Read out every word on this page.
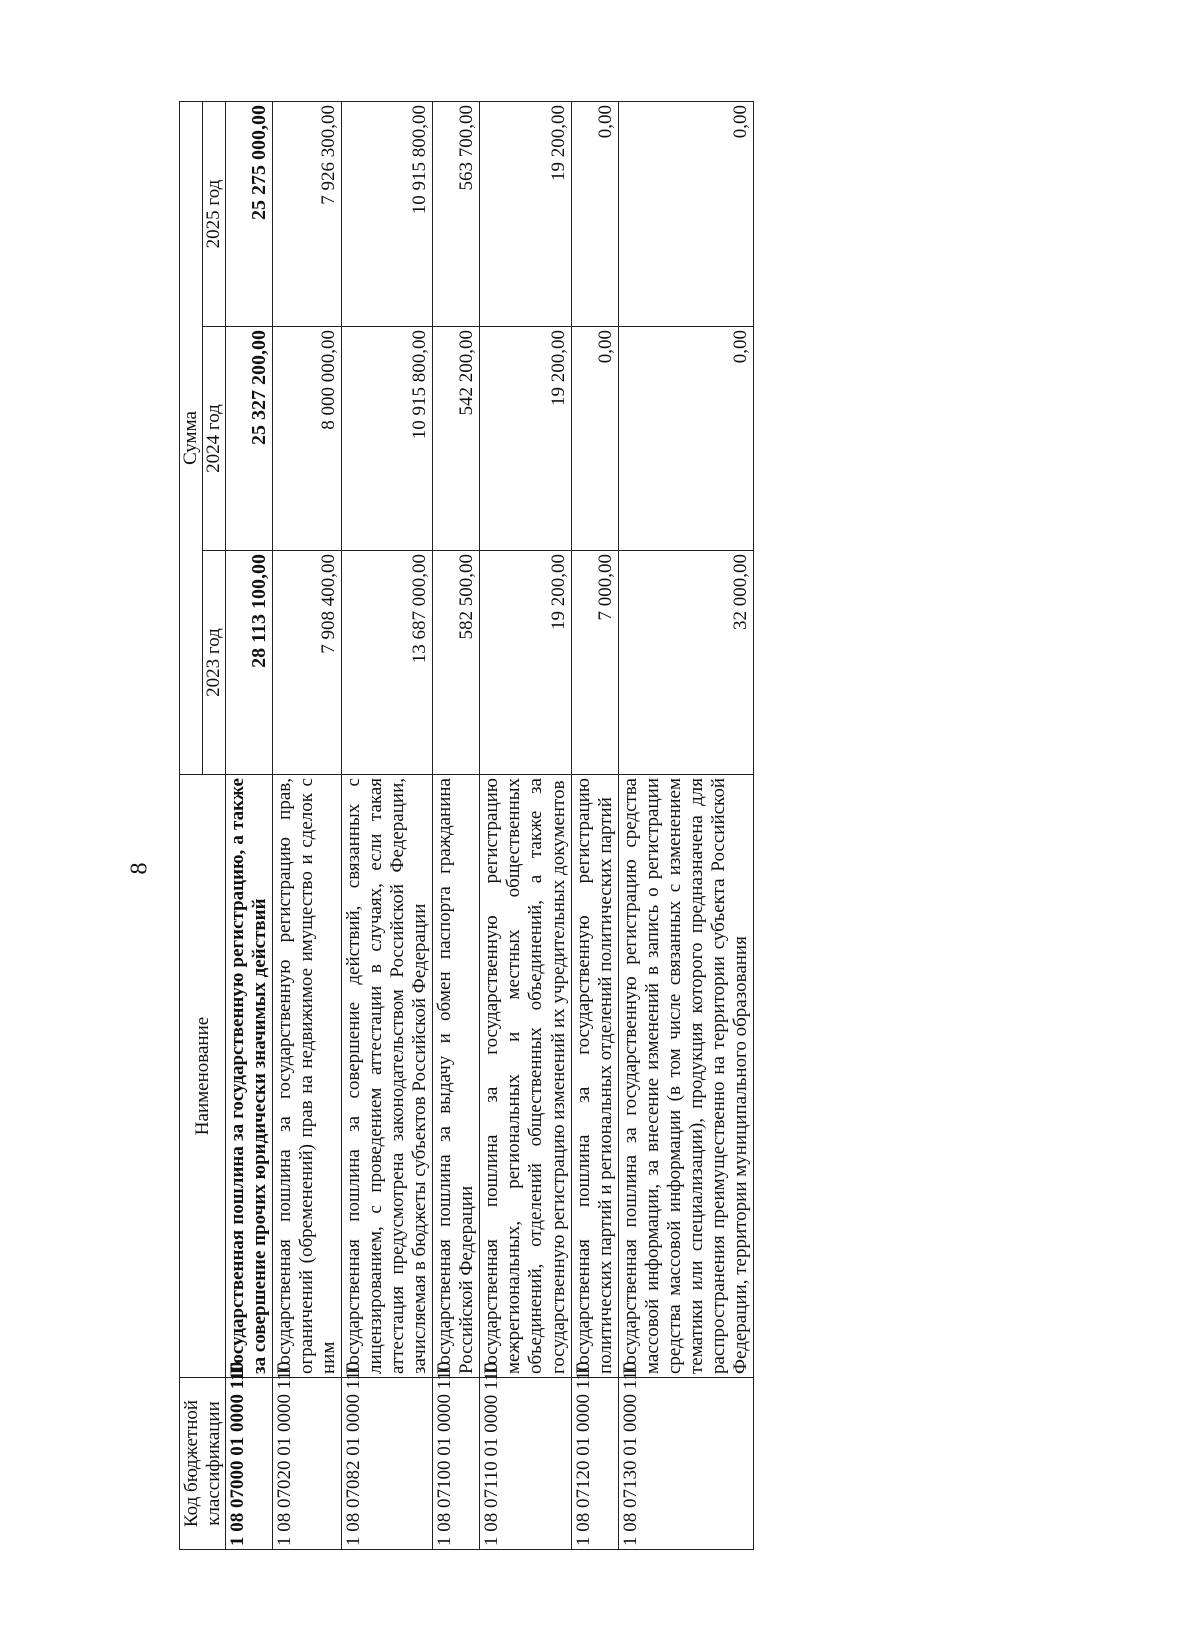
8
Код бюджетной классификации	Наименование	Сумма		
		2023 год	2024 год	2025 год
1 08 07000 01 0000 110	Государственная пошлина за государственную регистрацию, а также за совершение прочих юридически значимых действий	28 113 100,00	25 327 200,00	25 275 000,00
1 08 07020 01 0000 110	Государственная пошлина за государственную регистрацию прав, ограничений (обременений) прав на недвижимое имущество и сделок с ним	7 908 400,00	8 000 000,00	7 926 300,00
1 08 07082 01 0000 110	Государственная пошлина за совершение действий, связанных с лицензированием, с проведением аттестации в случаях, если такая аттестация предусмотрена законодательством Российской Федерации, зачисляемая в бюджеты субъектов Российской Федерации	13 687 000,00	10 915 800,00	10 915 800,00
1 08 07100 01 0000 110	Государственная пошлина за выдачу и обмен паспорта гражданина Российской Федерации	582 500,00	542 200,00	563 700,00
1 08 07110 01 0000 110	Государственная пошлина за государственную регистрацию межрегиональных, региональных и местных общественных объединений, отделений общественных объединений, а также за государственную регистрацию изменений их учредительных документов	19 200,00	19 200,00	19 200,00
1 08 07120 01 0000 110	Государственная пошлина за государственную регистрацию политических партий и региональных отделений политических партий	7 000,00	0,00	0,00
1 08 07130 01 0000 110	Государственная пошлина за государственную регистрацию средства массовой информации, за внесение изменений в запись о регистрации средства массовой информации (в том числе связанных с изменением тематики или специализации), продукция которого предназначена для распространения преимущественно на территории субъекта Российской Федерации, территории муниципального образования	32 000,00	0,00	0,00
